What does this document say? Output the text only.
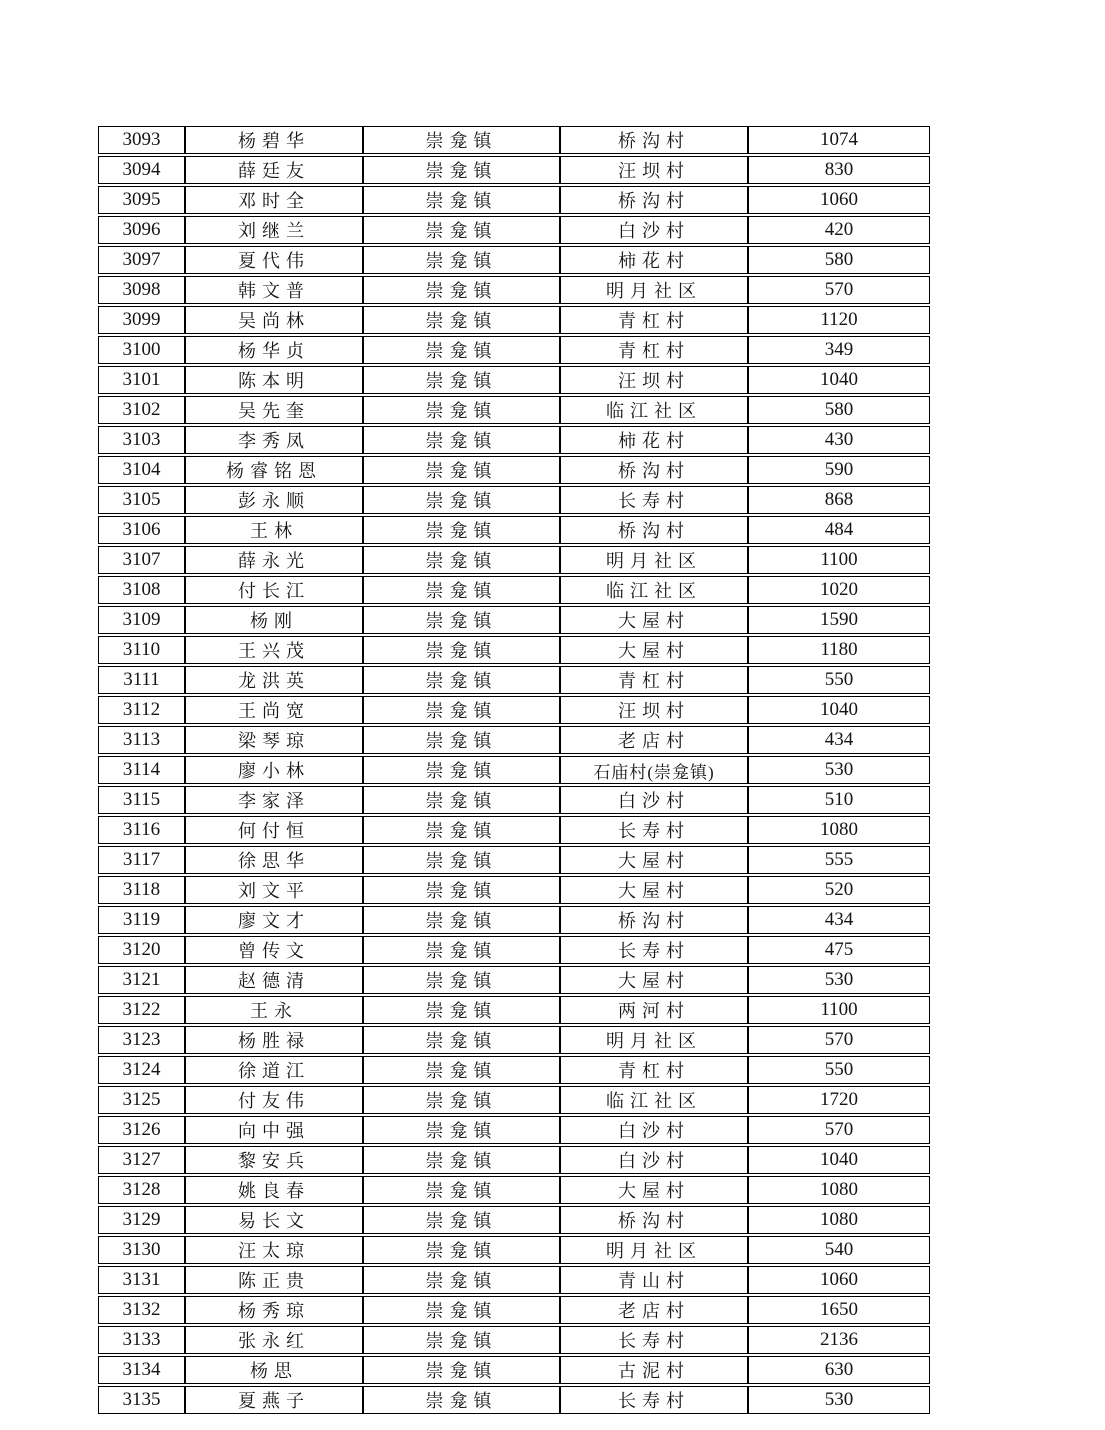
3093	杨碧华	崇龛镇	桥沟村	1074
3094	薛廷友	崇龛镇	汪坝村	830
3095	邓时全	崇龛镇	桥沟村	1060
3096	刘继兰	崇龛镇	白沙村	420
3097	夏代伟	崇龛镇	柿花村	580
3098	韩文普	崇龛镇	明月社区	570
3099	吴尚林	崇龛镇	青杠村	1120
3100	杨华贞	崇龛镇	青杠村	349
3101	陈本明	崇龛镇	汪坝村	1040
3102	吴先奎	崇龛镇	临江社区	580
3103	李秀凤	崇龛镇	柿花村	430
3104	杨睿铭恩	崇龛镇	桥沟村	590
3105	彭永顺	崇龛镇	长寿村	868
3106	王林	崇龛镇	桥沟村	484
3107	薛永光	崇龛镇	明月社区	1100
3108	付长江	崇龛镇	临江社区	1020
3109	杨刚	崇龛镇	大屋村	1590
3110	王兴茂	崇龛镇	大屋村	1180
3111	龙洪英	崇龛镇	青杠村	550
3112	王尚宽	崇龛镇	汪坝村	1040
3113	梁琴琼	崇龛镇	老店村	434
3114	廖小林	崇龛镇	石庙村(崇龛镇)	530
3115	李家泽	崇龛镇	白沙村	510
3116	何付恒	崇龛镇	长寿村	1080
3117	徐思华	崇龛镇	大屋村	555
3118	刘文平	崇龛镇	大屋村	520
3119	廖文才	崇龛镇	桥沟村	434
3120	曾传文	崇龛镇	长寿村	475
3121	赵德清	崇龛镇	大屋村	530
3122	王永	崇龛镇	两河村	1100
3123	杨胜禄	崇龛镇	明月社区	570
3124	徐道江	崇龛镇	青杠村	550
3125	付友伟	崇龛镇	临江社区	1720
3126	向中强	崇龛镇	白沙村	570
3127	黎安兵	崇龛镇	白沙村	1040
3128	姚良春	崇龛镇	大屋村	1080
3129	易长文	崇龛镇	桥沟村	1080
3130	汪太琼	崇龛镇	明月社区	540
3131	陈正贵	崇龛镇	青山村	1060
3132	杨秀琼	崇龛镇	老店村	1650
3133	张永红	崇龛镇	长寿村	2136
3134	杨思	崇龛镇	古泥村	630
3135	夏燕子	崇龛镇	长寿村	530
